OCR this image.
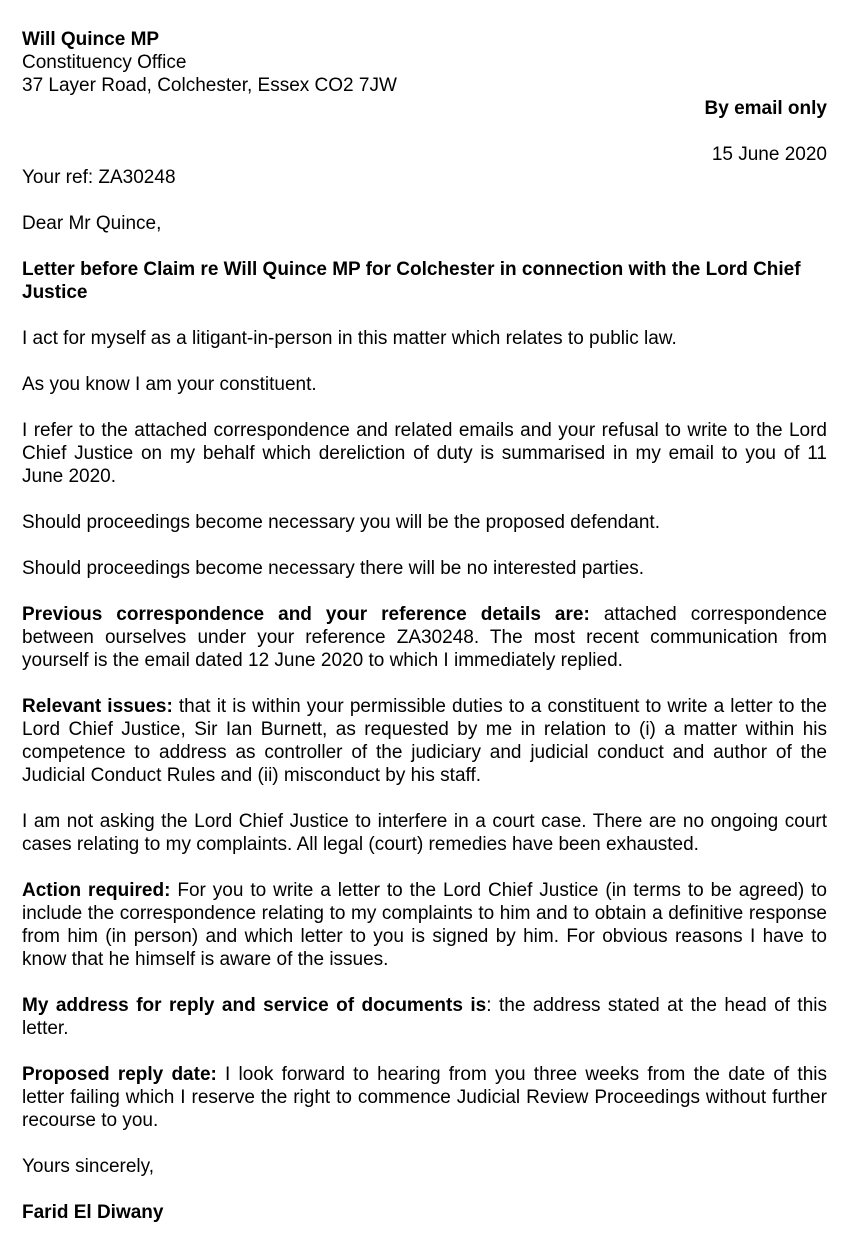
Will Quince MP
Constituency Office
37 Layer Road, Colchester, Essex CO2 7JW

By email only

15 June 2020

Your ref: ZA30248

Dear Mr Quince,

Letter before Claim re Will Quince MP for Colchester in connection with the Lord Chief Justice

I act for myself as a litigant-in-person in this matter which relates to public law.

As you know I am your constituent.

I refer to the attached correspondence and related emails and your refusal to write to the Lord Chief Justice on my behalf which dereliction of duty is summarised in my email to you of 11 June 2020.

Should proceedings become necessary you will be the proposed defendant.

Should proceedings become necessary there will be no interested parties.

Previous correspondence and your reference details are: attached correspondence between ourselves under your reference ZA30248. The most recent communication from yourself is the email dated 12 June 2020 to which I immediately replied.

Relevant issues: that it is within your permissible duties to a constituent to write a letter to the Lord Chief Justice, Sir Ian Burnett, as requested by me in relation to (i) a matter within his competence to address as controller of the judiciary and judicial conduct and author of the Judicial Conduct Rules and (ii) misconduct by his staff.

I am not asking the Lord Chief Justice to interfere in a court case. There are no ongoing court cases relating to my complaints. All legal (court) remedies have been exhausted.

Action required: For you to write a letter to the Lord Chief Justice (in terms to be agreed) to include the correspondence relating to my complaints to him and to obtain a definitive response from him (in person) and which letter to you is signed by him. For obvious reasons I have to know that he himself is aware of the issues.

My address for reply and service of documents is: the address stated at the head of this letter.

Proposed reply date: I look forward to hearing from you three weeks from the date of this letter failing which I reserve the right to commence Judicial Review Proceedings without further recourse to you.

Yours sincerely,

Farid El Diwany
